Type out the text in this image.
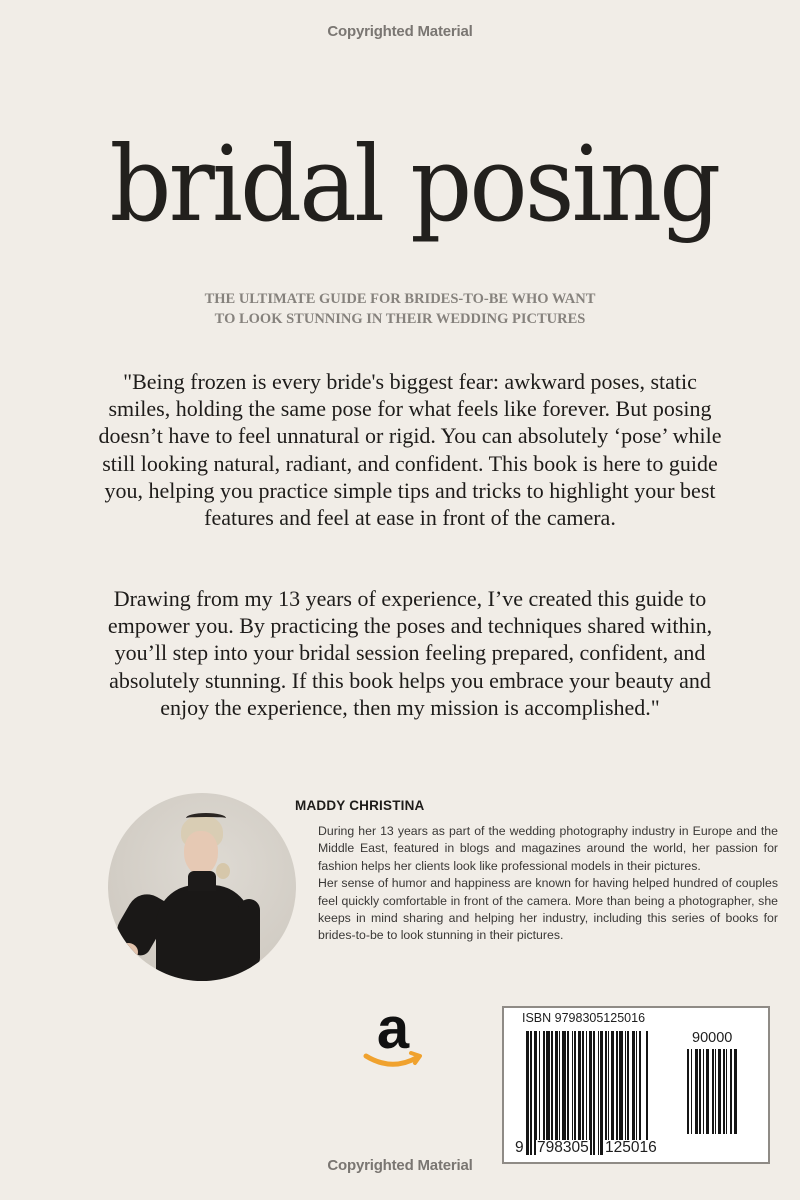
Copyrighted Material
bridal posing
THE ULTIMATE GUIDE FOR BRIDES-TO-BE WHO WANT
TO LOOK STUNNING IN THEIR WEDDING PICTURES

"Being frozen is every bride's biggest fear: awkward poses, static smiles, holding the same pose for what feels like forever. But posing doesn’t have to feel unnatural or rigid. You can absolutely ‘pose’ while still looking natural, radiant, and confident. This book is here to guide you, helping you practice simple tips and tricks to highlight your best features and feel at ease in front of the camera.

Drawing from my 13 years of experience, I’ve created this guide to empower you. By practicing the poses and techniques shared within, you’ll step into your bridal session feeling prepared, confident, and absolutely stunning. If this book helps you embrace your beauty and enjoy the experience, then my mission is accomplished."

MADDY CHRISTINA

During her 13 years as part of the wedding photography industry in Europe and the Middle East, featured in blogs and magazines around the world, her passion for fashion helps her clients look like professional models in their pictures.

Her sense of humor and happiness are known for having helped hundred of couples feel quickly comfortable in front of the camera. More than being a photographer, she keeps in mind sharing and helping her industry, including this series of books for brides-to-be to look stunning in their pictures.

a	ISBN 9798305125016
90000
9 798305 125016
Copyrighted Material
